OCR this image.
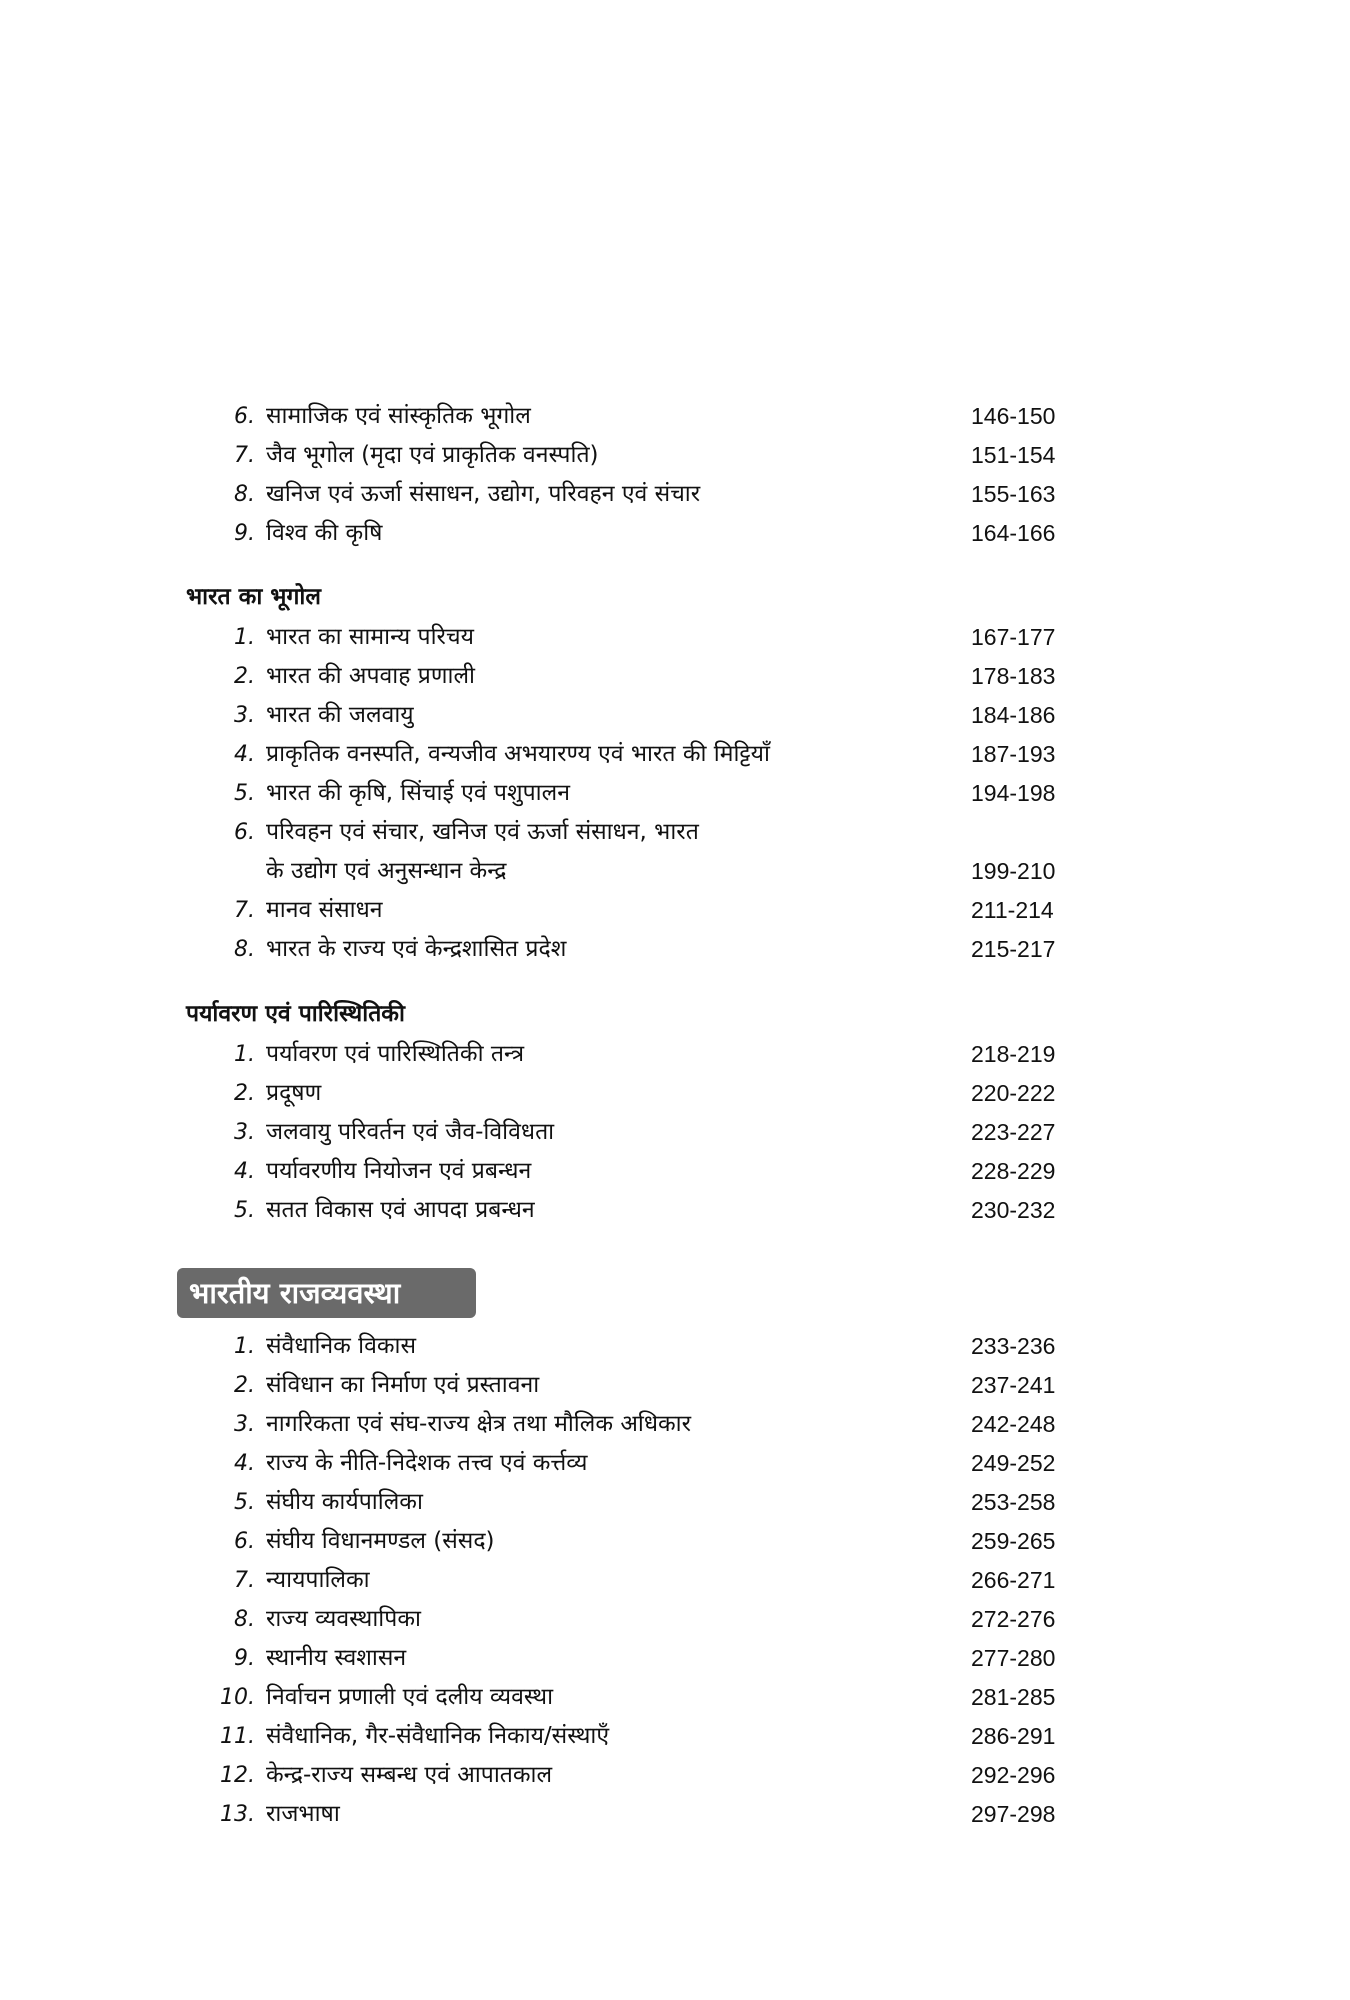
6. सामाजिक एवं सांस्कृतिक भूगोल	146-150
7. जैव भूगोल (मृदा एवं प्राकृतिक वनस्पति)	151-154
8. खनिज एवं ऊर्जा संसाधन, उद्योग, परिवहन एवं संचार	155-163
9. विश्व की कृषि	164-166
भारत का भूगोल
1. भारत का सामान्य परिचय	167-177
2. भारत की अपवाह प्रणाली	178-183
3. भारत की जलवायु	184-186
4. प्राकृतिक वनस्पति, वन्यजीव अभयारण्य एवं भारत की मिट्टियाँ	187-193
5. भारत की कृषि, सिंचाई एवं पशुपालन	194-198
6. परिवहन एवं संचार, खनिज एवं ऊर्जा संसाधन, भारत
के उद्योग एवं अनुसन्धान केन्द्र	199-210
7. मानव संसाधन	211-214
8. भारत के राज्य एवं केन्द्रशासित प्रदेश	215-217
पर्यावरण एवं पारिस्थितिकी
1. पर्यावरण एवं पारिस्थितिकी तन्त्र	218-219
2. प्रदूषण	220-222
3. जलवायु परिवर्तन एवं जैव-विविधता	223-227
4. पर्यावरणीय नियोजन एवं प्रबन्धन	228-229
5. सतत विकास एवं आपदा प्रबन्धन	230-232
भारतीय राजव्यवस्था
1. संवैधानिक विकास	233-236
2. संविधान का निर्माण एवं प्रस्तावना	237-241
3. नागरिकता एवं संघ-राज्य क्षेत्र तथा मौलिक अधिकार	242-248
4. राज्य के नीति-निदेशक तत्त्व एवं कर्त्तव्य	249-252
5. संघीय कार्यपालिका	253-258
6. संघीय विधानमण्डल (संसद)	259-265
7. न्यायपालिका	266-271
8. राज्य व्यवस्थापिका	272-276
9. स्थानीय स्वशासन	277-280
10. निर्वाचन प्रणाली एवं दलीय व्यवस्था	281-285
11. संवैधानिक, गैर-संवैधानिक निकाय/संस्थाएँ	286-291
12. केन्द्र-राज्य सम्बन्ध एवं आपातकाल	292-296
13. राजभाषा	297-298
